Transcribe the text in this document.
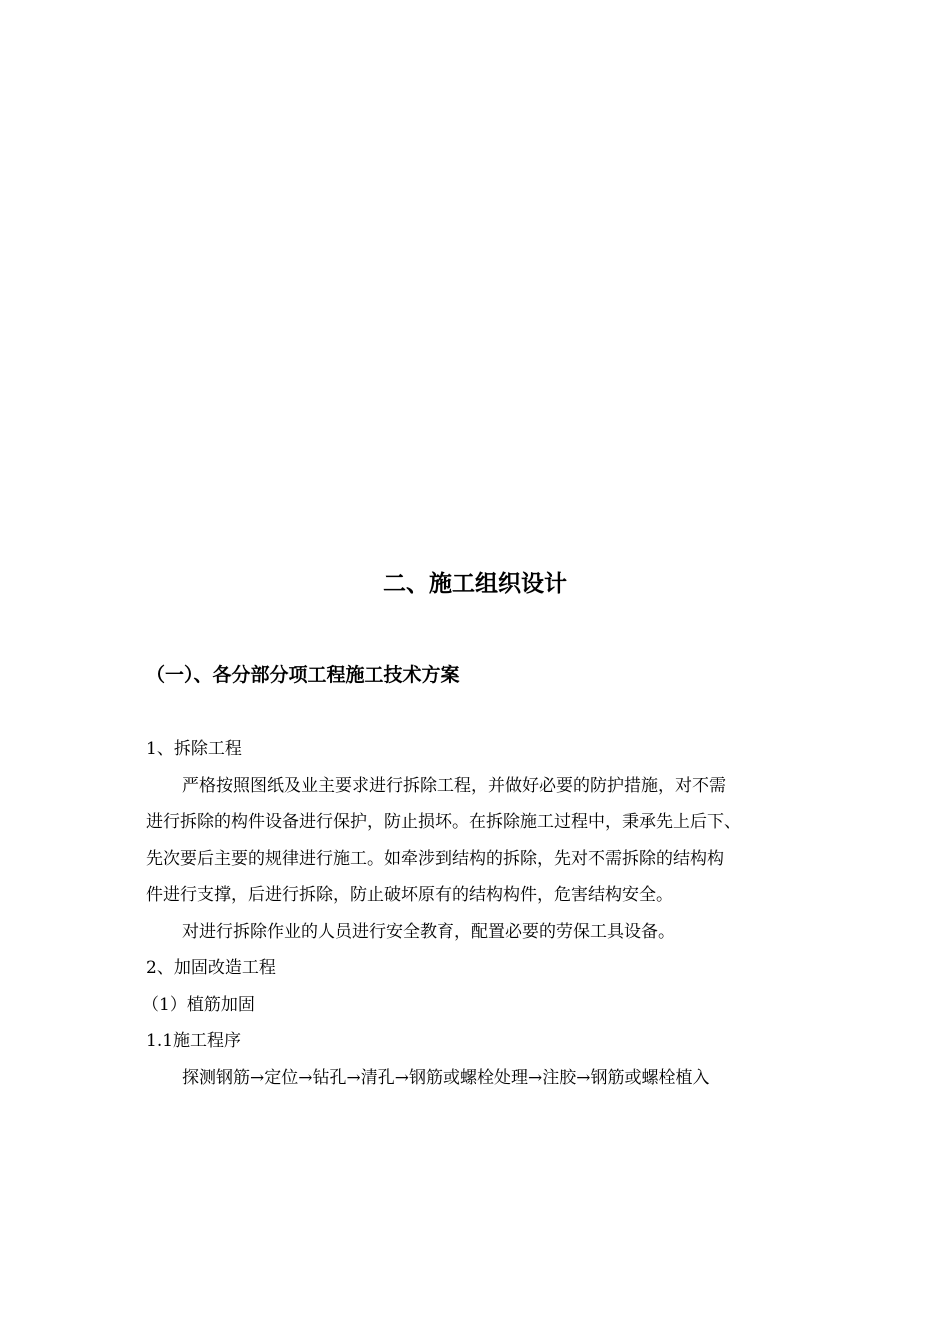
二、施工组织设计
（一）、各分部分项工程施工技术方案

1、拆除工程

严格按照图纸及业主要求进行拆除工程，并做好必要的防护措施，对不需

进行拆除的构件设备进行保护，防止损坏。在拆除施工过程中，秉承先上后下、

先次要后主要的规律进行施工。如牵涉到结构的拆除，先对不需拆除的结构构

件进行支撑，后进行拆除，防止破坏原有的结构构件，危害结构安全。

对进行拆除作业的人员进行安全教育，配置必要的劳保工具设备。

2、加固改造工程

（1）植筋加固

1.1施工程序

探测钢筋→定位→钻孔→清孔→钢筋或螺栓处理→注胶→钢筋或螺栓植入
